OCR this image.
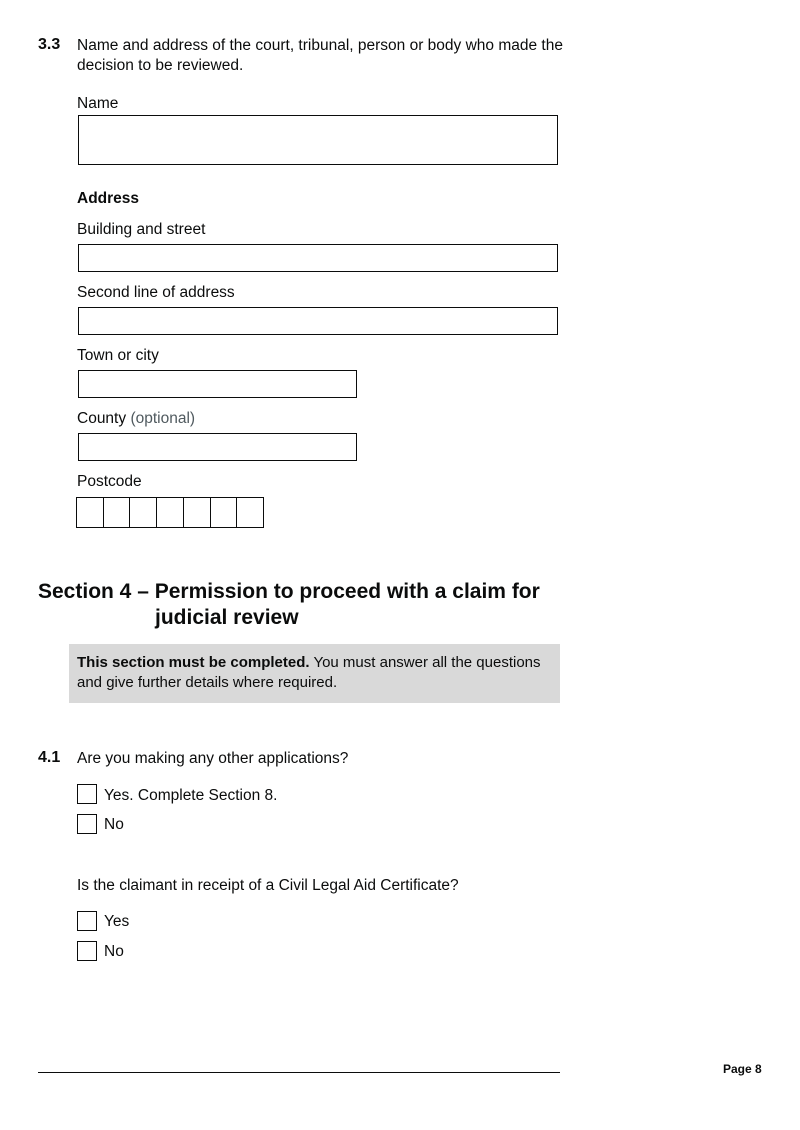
3.3 Name and address of the court, tribunal, person or body who made the decision to be reviewed.
Name
Address
Building and street
Second line of address
Town or city
County (optional)
Postcode
Section 4 – Permission to proceed with a claim for
judicial review
This section must be completed. You must answer all the questions and give further details where required.
4.1 Are you making any other applications?
Yes. Complete Section 8.
No
Is the claimant in receipt of a Civil Legal Aid Certificate?
Yes
No
Page 8
